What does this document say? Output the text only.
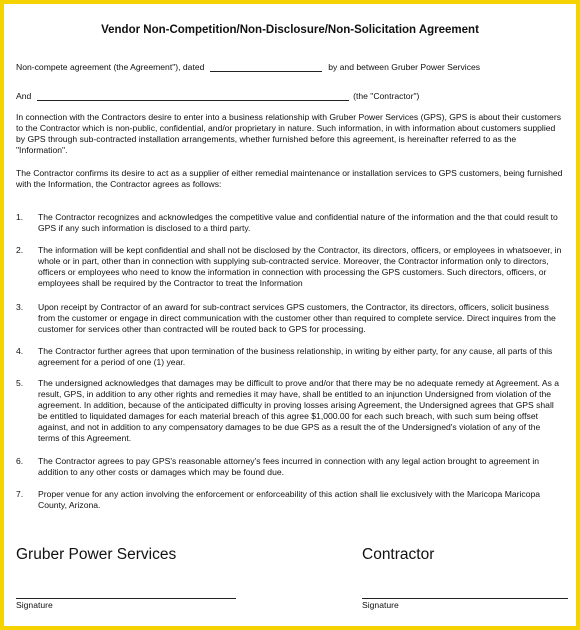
Vendor Non-Competition/Non-Disclosure/Non-Solicitation Agreement
Non-compete agreement (the Agreement"), dated	by and between Gruber Power Services
And	(the "Contractor")
In connection with the Contractors desire to enter into a business relationship with Gruber Power Services (GPS), GPS is about their customers to the Contractor which is non-public, confidential, and/or proprietary in nature. Such information, in with information about customers supplied by GPS through sub-contracted installation arrangements, whether furnished before this agreement, is hereinafter referred to as the "Information".
The Contractor confirms its desire to act as a supplier of either remedial maintenance or installation services to GPS customers, being furnished with the Information, the Contractor agrees as follows:
1. The Contractor recognizes and acknowledges the competitive value and confidential nature of the information and the that could result to GPS if any such information is disclosed to a third party.
2. The information will be kept confidential and shall not be disclosed by the Contractor, its directors, officers, or employees in whatsoever, in whole or in part, other than in connection with supplying sub-contracted service. Moreover, the Contractor information only to directors, officers or employees who need to know the information in connection with processing the GPS customers. Such directors, officers, or employees shall be required by the Contractor to treat the Information
3. Upon receipt by Contractor of an award for sub-contract services GPS customers, the Contractor, its directors, officers, solicit business from the customer or engage in direct communication with the customer other than required to complete service. Direct inquires from the customer for services other than contracted will be routed back to GPS for processing.
4. The Contractor further agrees that upon termination of the business relationship, in writing by either party, for any cause, all parts of this agreement for a period of one (1) year.
5. The undersigned acknowledges that damages may be difficult to prove and/or that there may be no adequate remedy at Agreement. As a result, GPS, in addition to any other rights and remedies it may have, shall be entitled to an injunction Undersigned from violation of the agreement. In addition, because of the anticipated difficulty in proving losses arising Agreement, the Undersigned agrees that GPS shall be entitled to liquidated damages for each material breach of this agree $1,000.00 for each such breach, with such sum being offset against, and not in addition to any compensatory damages to be due GPS as a result the of the Undersigned's violation of any of the terms of this Agreement.
6. The Contractor agrees to pay GPS's reasonable attorney's fees incurred in connection with any legal action brought to agreement in addition to any other costs or damages which may be found due.
7. Proper venue for any action involving the enforcement or enforceability of this action shall lie exclusively with the Maricopa Maricopa County, Arizona.
Gruber Power Services	Contractor
Signature	Signature
